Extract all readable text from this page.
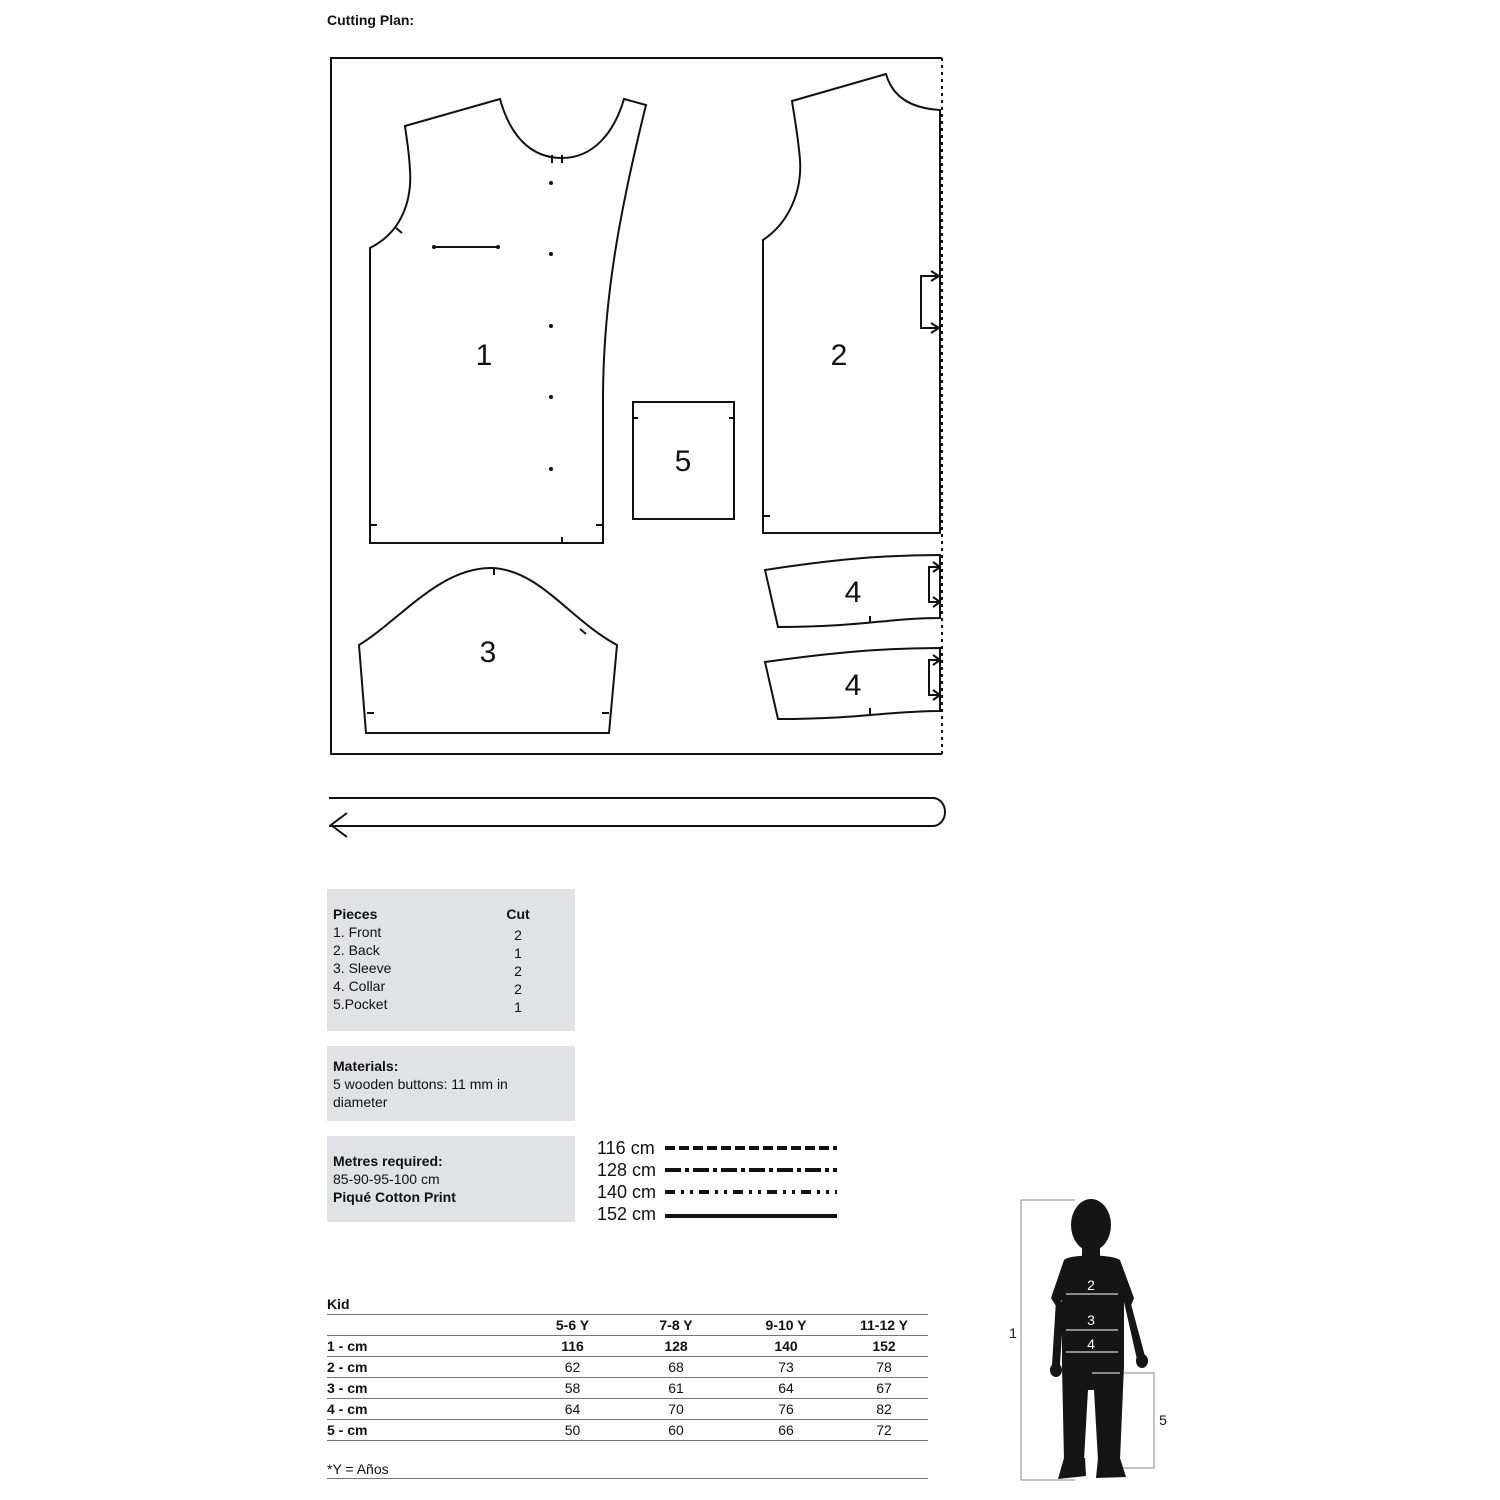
Cutting Plan:
1	2
3
4
4
5
Pieces	Cut
1. Front	2
2. Back	1
3. Sleeve	2
4. Collar	2
5.Pocket	1
Materials:
5 wooden buttons: 11 mm in diameter
Metres required:
85-90-95-100 cm
Piqué Cotton Print
116 cm
128 cm
140 cm
152 cm
Kid
	5-6 Y	7-8 Y	9-10 Y	11-12 Y
1 - cm	116	128	140	152
2 - cm	62	68	73	78
3 - cm	58	61	64	67
4 - cm	64	70	76	82
5 - cm	50	60	66	72
*Y = Años
1
2
3
4
5
